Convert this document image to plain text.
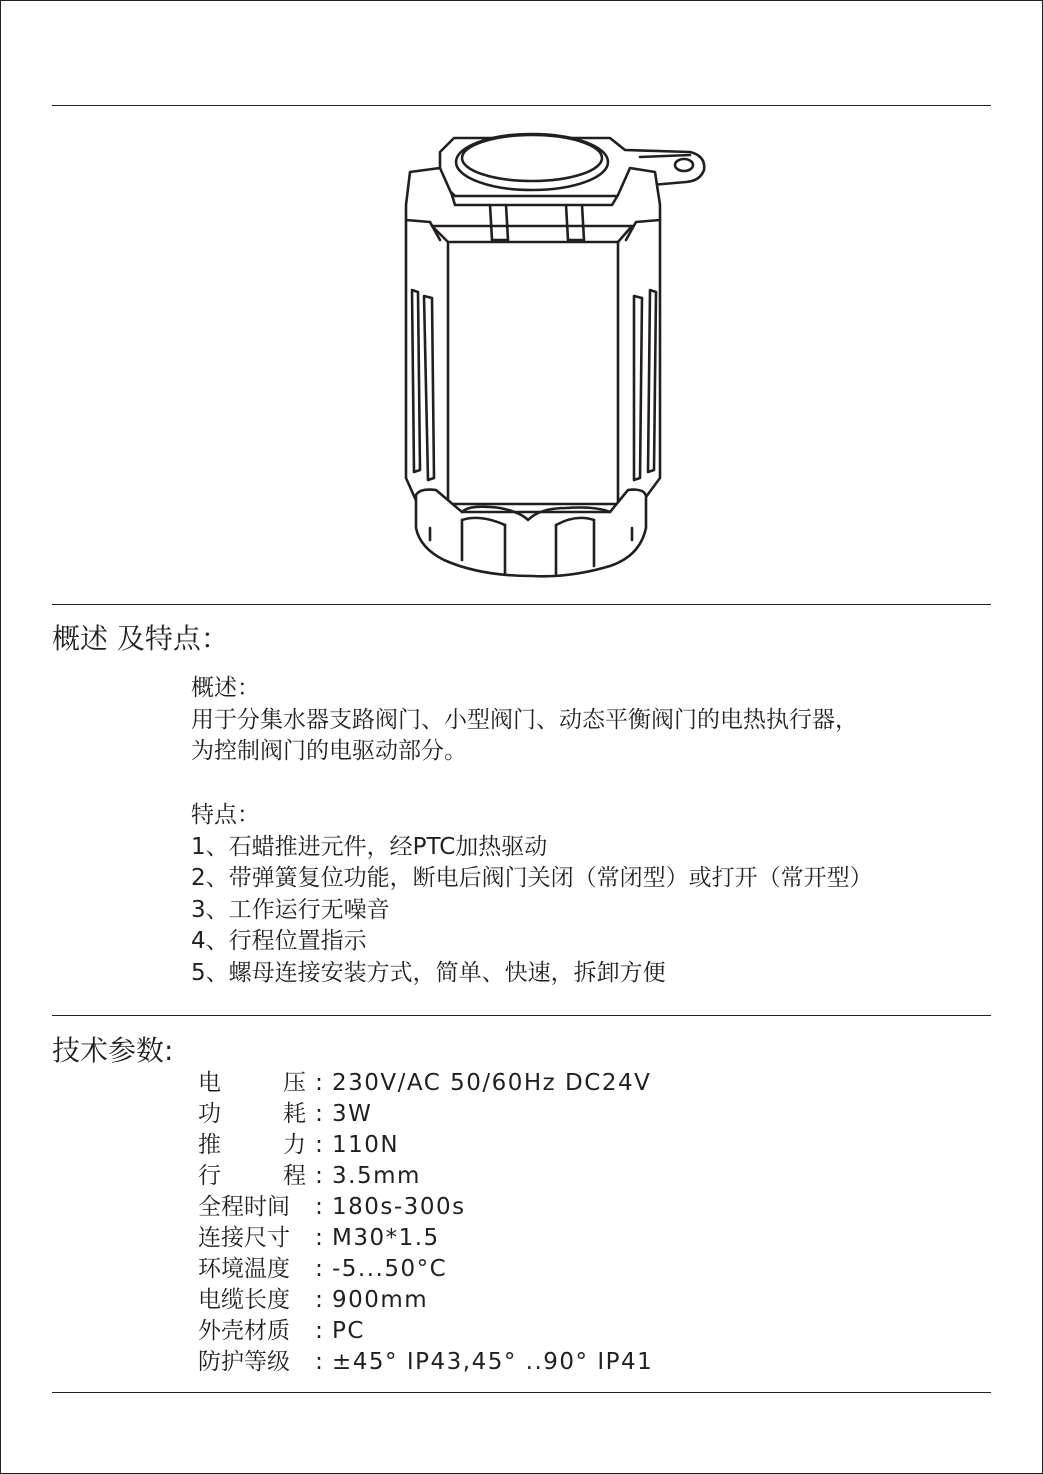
概述 及特点：
概述：
用于分集水器支路阀门、小型阀门、动态平衡阀门的电热执行器，
为控制阀门的电驱动部分。
特点：
1、石蜡推进元件，经PTC加热驱动
2、带弹簧复位功能，断电后阀门关闭（常闭型）或打开（常开型）
3、工作运行无噪音
4、行程位置指示
5、螺母连接安装方式，简单、快速，拆卸方便
技术参数:
电	压 : 230V/AC 50/60Hz DC24V
功	耗 : 3W
推	力 : 110N
行	程 : 3.5mm
全程时间	: 180s-300s
连接尺寸	: M30*1.5
环境温度	: -5...50°C
电缆长度	: 900mm
外壳材质	: PC
防护等级	: ±45° IP43,45° ..90° IP41
